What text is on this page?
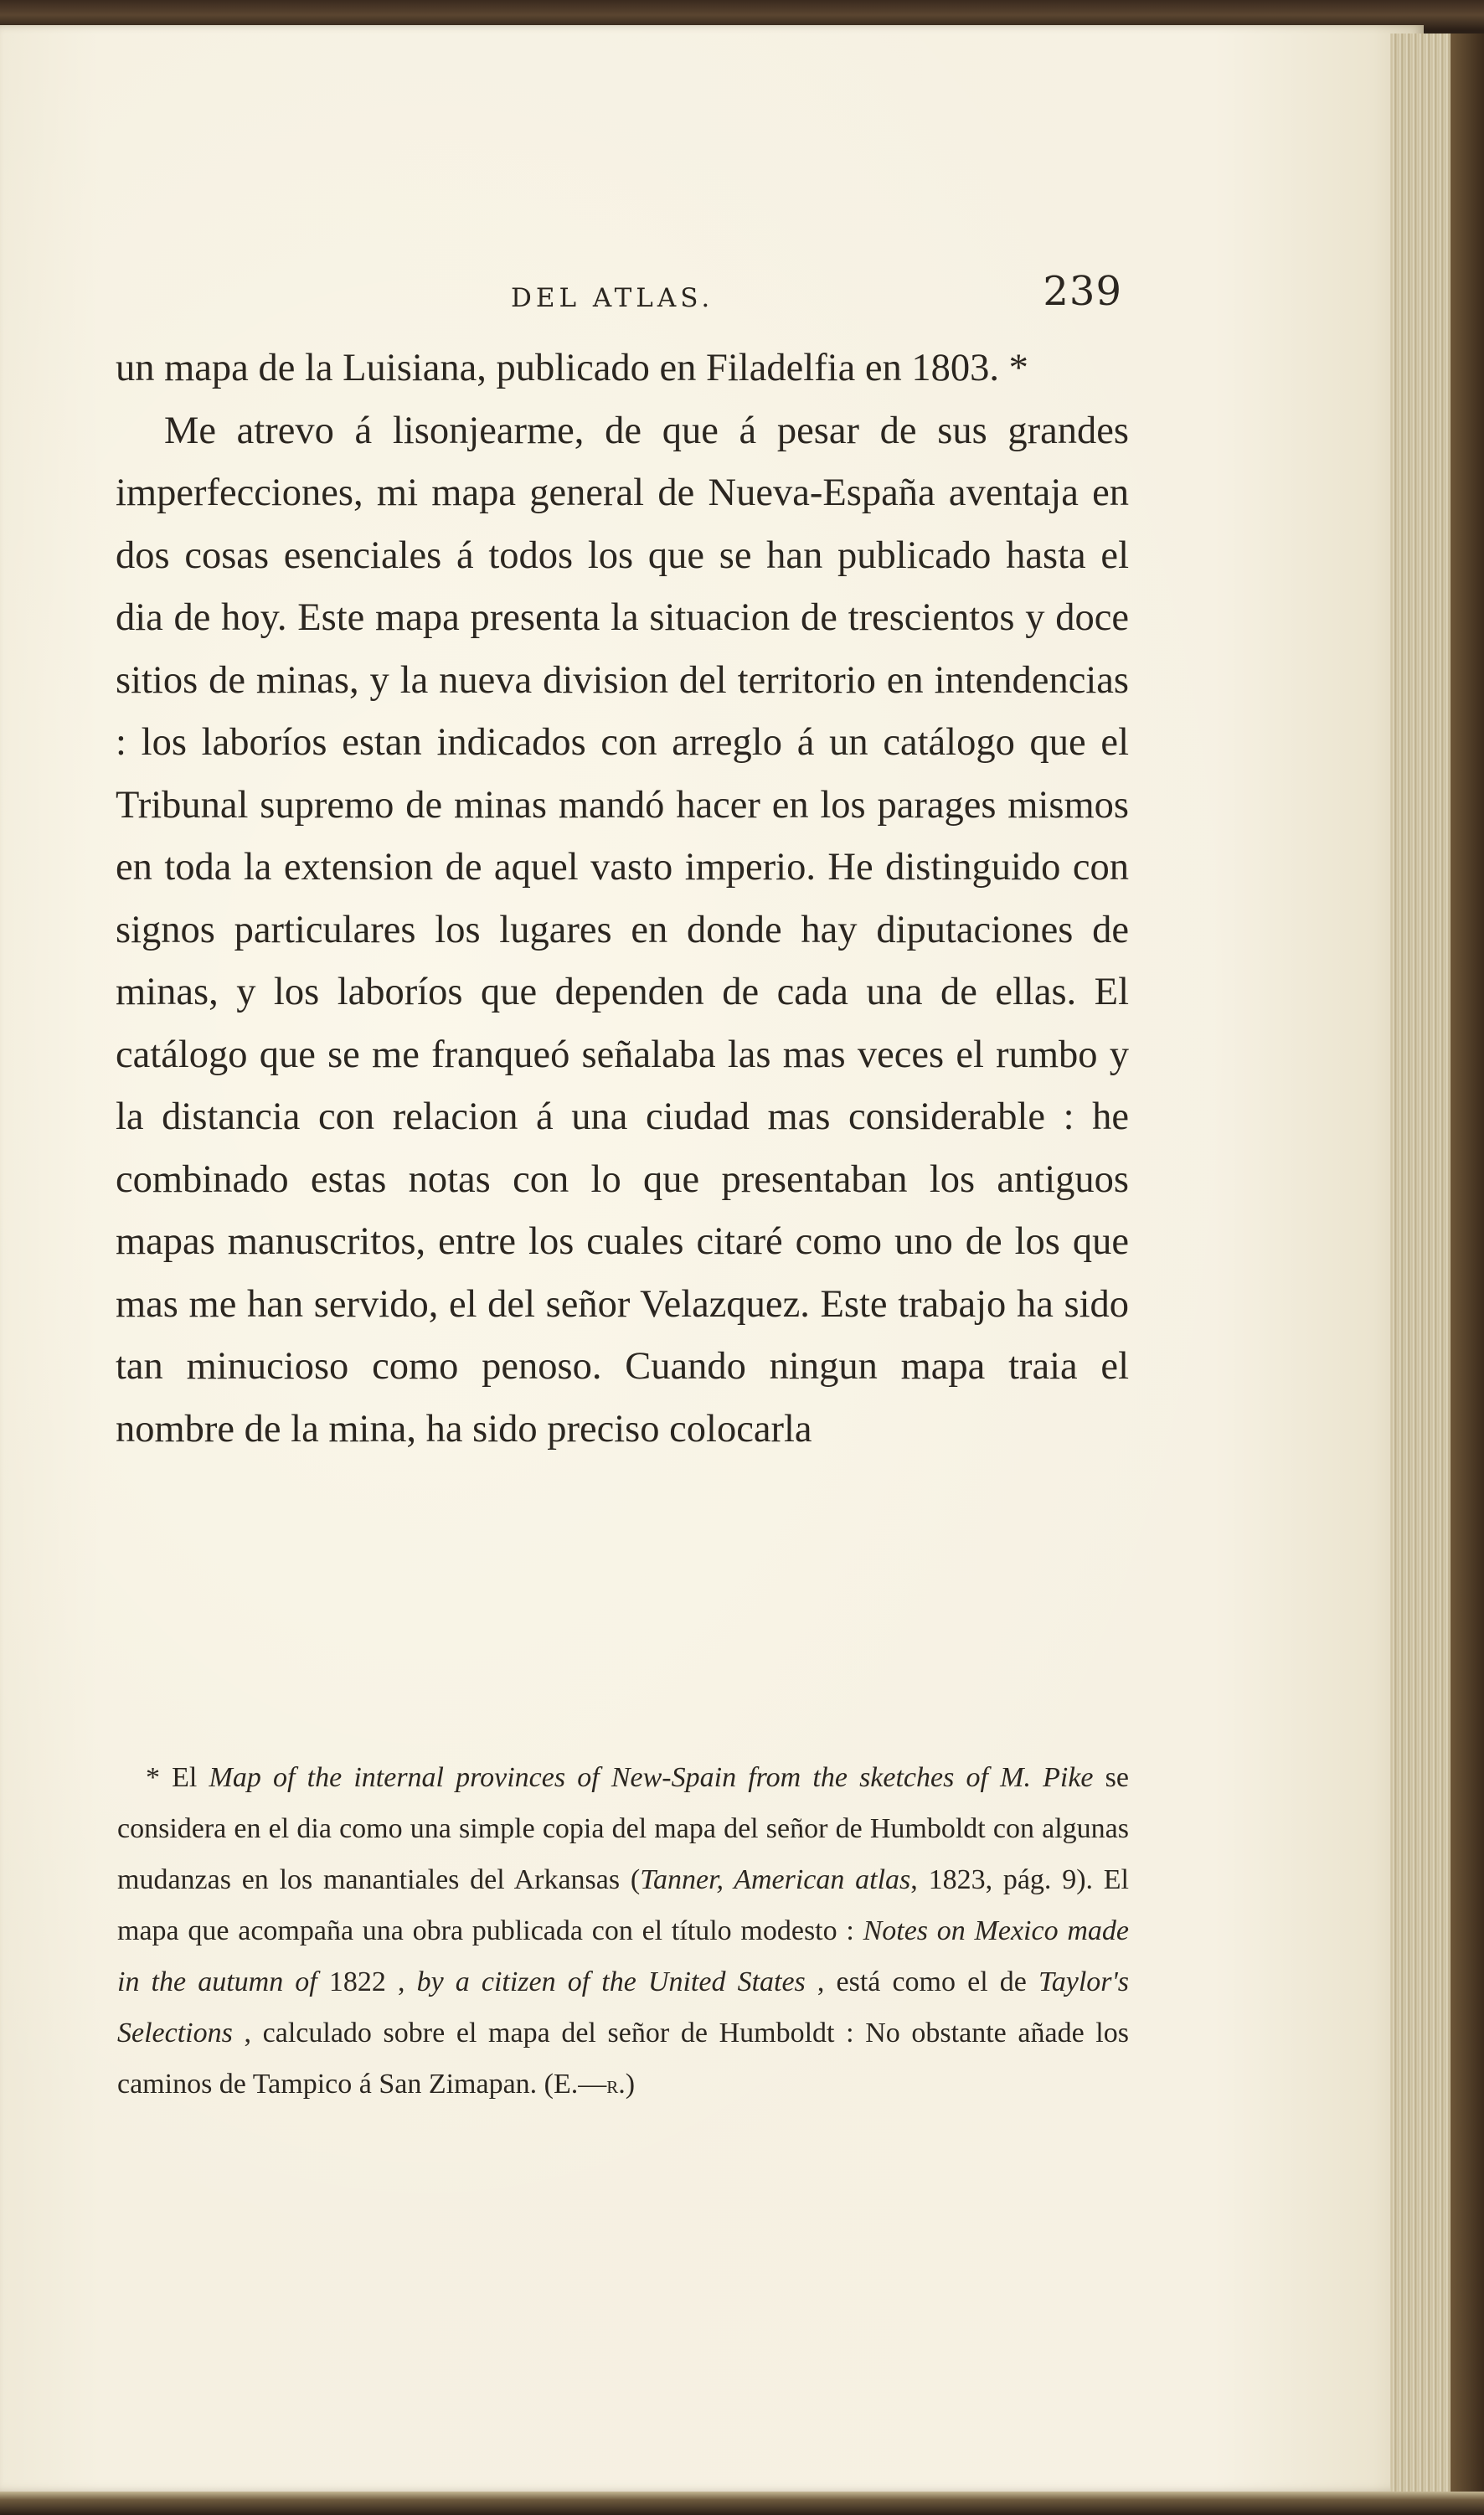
DEL ATLAS.	239

un mapa de la Luisiana, publicado en Filadelfia en 1803. *

Me atrevo á lisonjearme, de que á pesar de sus grandes imperfecciones, mi mapa general de Nueva-España aventaja en dos cosas esenciales á todos los que se han publicado hasta el dia de hoy. Este mapa presenta la situacion de trescientos y doce sitios de minas, y la nueva division del territorio en intendencias : los laboríos estan indicados con arreglo á un catálogo que el Tribunal supremo de minas mandó hacer en los parages mismos en toda la extension de aquel vasto imperio. He distinguido con signos particulares los lugares en donde hay diputaciones de minas, y los laboríos que dependen de cada una de ellas. El catálogo que se me franqueó señalaba las mas veces el rumbo y la distancia con relacion á una ciudad mas considerable : he combinado estas notas con lo que presentaban los antiguos mapas manuscritos, entre los cuales citaré como uno de los que mas me han servido, el del señor Velazquez. Este trabajo ha sido tan minucioso como penoso. Cuando ningun mapa traia el nombre de la mina, ha sido preciso colocarla

* El Map of the internal provinces of New-Spain from the sketches of M. Pike se considera en el dia como una simple copia del mapa del señor de Humboldt con algunas mudanzas en los manantiales del Arkansas (Tanner, American atlas, 1823, pág. 9). El mapa que acompaña una obra publicada con el título modesto : Notes on Mexico made in the autumn of 1822 , by a citizen of the United States , está como el de Taylor's Selections , calculado sobre el mapa del señor de Humboldt : No obstante añade los caminos de Tampico á San Zimapan. (E.—r.)
